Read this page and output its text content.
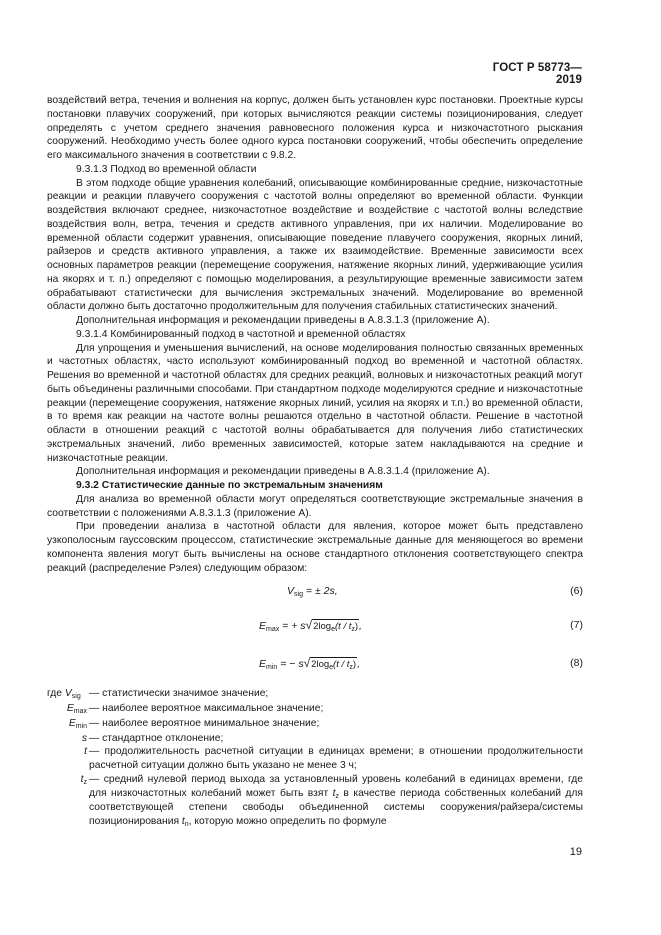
ГОСТ Р 58773—2019

воздействий ветра, течения и волнения на корпус, должен быть установлен курс постановки. Проектные курсы постановки плавучих сооружений, при которых вычисляются реакции системы позиционирования, следует определять с учетом среднего значения равновесного положения курса и низкочастотного рыскания сооружений. Необходимо учесть более одного курса постановки сооружений, чтобы обеспечить определение его максимального значения в соответствии с 9.8.2.

9.3.1.3 Подход во временной области

В этом подходе общие уравнения колебаний, описывающие комбинированные средние, низкочастотные реакции и реакции плавучего сооружения с частотой волны определяют во временной области. Функции воздействия включают среднее, низкочастотное воздействие и воздействие с частотой волны вследствие воздействия волн, ветра, течения и средств активного управления, при их наличии. Моделирование во временной области содержит уравнения, описывающие поведение плавучего сооружения, якорных линий, райзеров и средств активного управления, а также их взаимодействие. Временные зависимости всех основных параметров реакции (перемещение сооружения, натяжение якорных линий, удерживающие усилия на якорях и т. п.) определяют с помощью моделирования, а результирующие временные зависимости затем обрабатывают статистически для вычисления экстремальных значений. Моделирование во временной области должно быть достаточно продолжительным для получения стабильных статистических значений.

Дополнительная информация и рекомендации приведены в А.8.3.1.3 (приложение А).

9.3.1.4 Комбинированный подход в частотной и временной областях

Для упрощения и уменьшения вычислений, на основе моделирования полностью связанных временных и частотных областях, часто используют комбинированный подход во временной и частотной областях. Решения во временной и частотной областях для средних реакций, волновых и низкочастотных реакций могут быть объединены различными способами. При стандартном подходе моделируются средние и низкочастотные реакции (перемещение сооружения, натяжение якорных линий, усилия на якорях и т.п.) во временной области, в то время как реакции на частоте волны решаются отдельно в частотной области. Решение в частотной области в отношении реакций с частотой волны обрабатывается для получения либо статистических экстремальных значений, либо временных зависимостей, которые затем накладываются на средние и низкочастотные реакции.

Дополнительная информация и рекомендации приведены в А.8.3.1.4 (приложение А).

9.3.2 Статистические данные по экстремальным значениям

Для анализа во временной области могут определяться соответствующие экстремальные значения в соответствии с положениями А.8.3.1.3 (приложение А).

При проведении анализа в частотной области для явления, которое может быть представлено узкополосным гауссовским процессом, статистические экстремальные данные для меняющегося во времени компонента явления могут быть вычислены на основе стандартного отклонения соответствующего спектра реакций (распределение Рэлея) следующим образом:

Vsig = ± 2s,	(6)
Emax = + $s√2\log_e(t / t_z)$,	(7)
Emin = − $s√2\log_e(t / t_z)$,	(8)
где Vsig — статистически значимое значение;
Emax — наиболее вероятное максимальное значение;
Emin — наиболее вероятное минимальное значение;
s — стандартное отклонение;
t — продолжительность расчетной ситуации в единицах времени; в отношении продолжительности расчетной ситуации должно быть указано не менее 3 ч;
tz — средний нулевой период выхода за установленный уровень колебаний в единицах времени, где для низкочастотных колебаний может быть взят tz в качестве периода собственных колебаний для соответствующей степени свободы объединенной системы сооружения/райзера/системы позиционирования tn, которую можно определить по формуле
19
